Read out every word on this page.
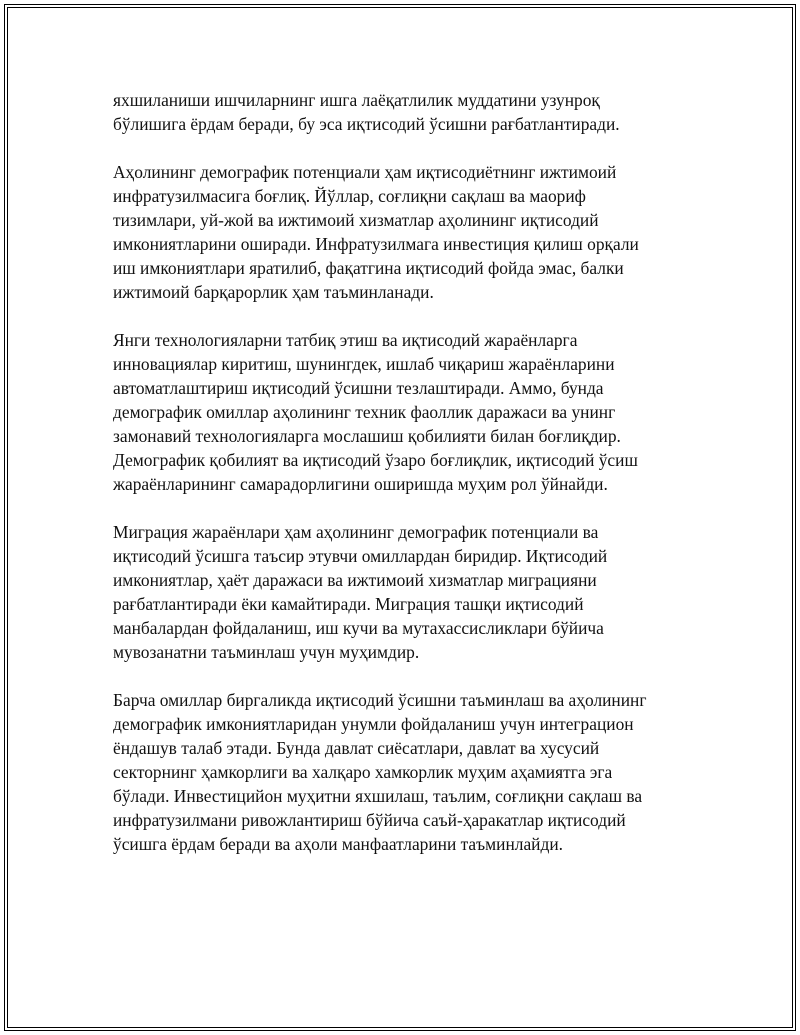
яхшиланиши ишчиларнинг ишга лаёқатлилик муддатини узунроқ
бўлишига ёрдам беради, бу эса иқтисодий ўсишни рағбатлантиради.

Аҳолининг демографик потенциали ҳам иқтисодиётнинг ижтимоий
инфратузилмасига боғлиқ. Йўллар, соғлиқни сақлаш ва маориф
тизимлари, уй-жой ва ижтимоий хизматлар аҳолининг иқтисодий
имкониятларини оширади. Инфратузилмага инвестиция қилиш орқали
иш имкониятлари яратилиб, фақатгина иқтисодий фойда эмас, балки
ижтимоий барқарорлик ҳам таъминланади.

Янги технологияларни татбиқ этиш ва иқтисодий жараёнларга
инновациялар киритиш, шунингдек, ишлаб чиқариш жараёнларини
автоматлаштириш иқтисодий ўсишни тезлаштиради. Аммо, бунда
демографик омиллар аҳолининг техник фаоллик даражаси ва унинг
замонавий технологияларга мослашиш қобилияти билан боғлиқдир.
Демографик қобилият ва иқтисодий ўзаро боғлиқлик, иқтисодий ўсиш
жараёнларининг самарадорлигини оширишда муҳим рол ўйнайди.

Миграция жараёнлари ҳам аҳолининг демографик потенциали ва
иқтисодий ўсишга таъсир этувчи омиллардан биридир. Иқтисодий
имкониятлар, ҳаёт даражаси ва ижтимоий хизматлар миграцияни
рағбатлантиради ёки камайтиради. Миграция ташқи иқтисодий
манбалардан фойдаланиш, иш кучи ва мутахассисликлари бўйича
мувозанатни таъминлаш учун муҳимдир.

Барча омиллар биргаликда иқтисодий ўсишни таъминлаш ва аҳолининг
демографик имкониятларидан унумли фойдаланиш учун интеграцион
ёндашув талаб этади. Бунда давлат сиёсатлари, давлат ва хусусий
секторнинг ҳамкорлиги ва халқаро хамкорлик муҳим аҳамиятга эга
бўлади. Инвестицийон муҳитни яхшилаш, таълим, соғлиқни сақлаш ва
инфратузилмани ривожлантириш бўйича саъй-ҳаракатлар иқтисодий
ўсишга ёрдам беради ва аҳоли манфаатларини таъминлайди.
